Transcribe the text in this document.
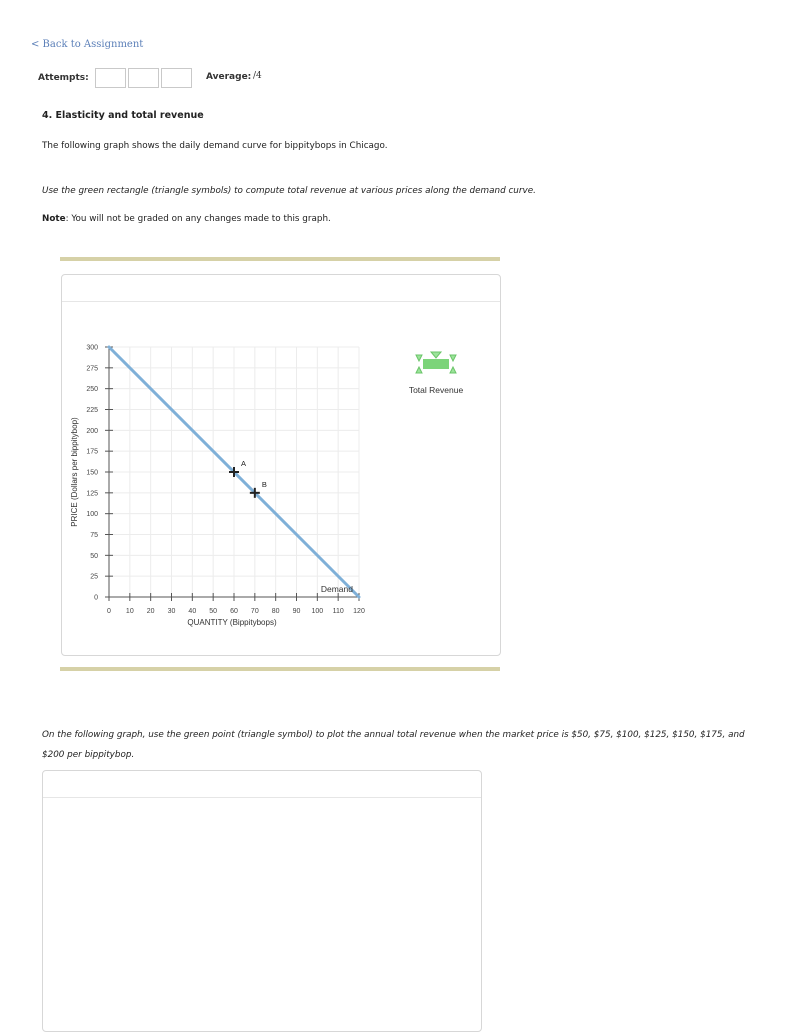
< Back to Assignment
Attempts:	Average: /4
4. Elasticity and total revenue
The following graph shows the daily demand curve for bippitybops in Chicago.
Use the green rectangle (triangle symbols) to compute total revenue at various prices along the demand curve.
Note: You will not be graded on any changes made to this graph.
0 10 20 30 40 50 60 70 80 90 100 110 120
0
25
50
75
100
125
150
175
200
225
250
275
300
Demand
A
B
PRICE (Dollars per bippitybop)
QUANTITY (Bippitybops)
Total Revenue
On the following graph, use the green point (triangle symbol) to plot the annual total revenue when the market price is $50, $75, $100, $125, $150, $175, and $200 per bippitybop.
